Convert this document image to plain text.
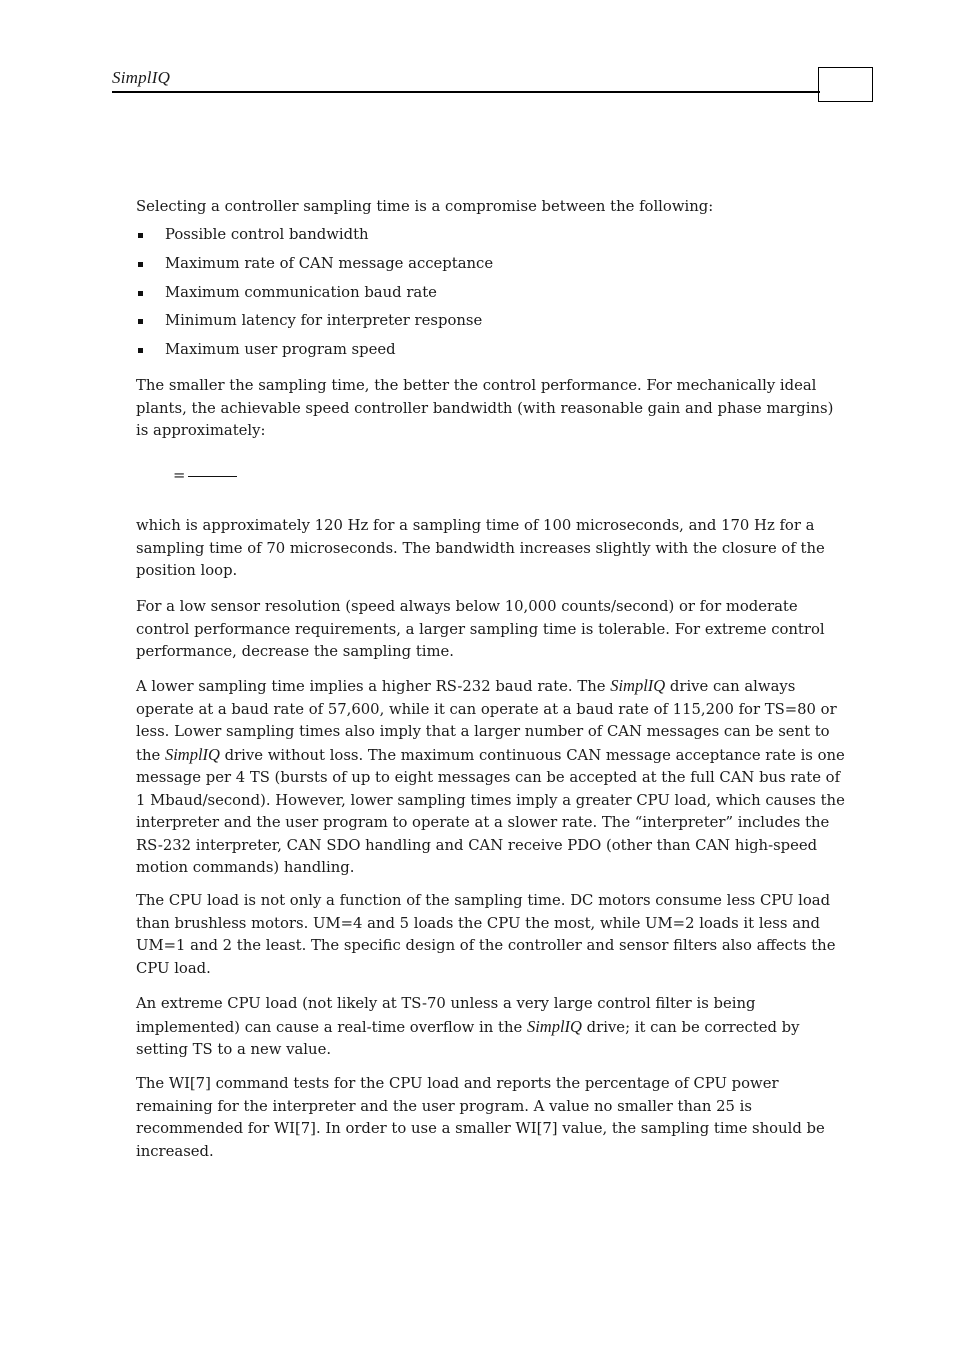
SimplIQ

Selecting a controller sampling time is a compromise between the following:

Possible control bandwidth
Maximum rate of CAN message acceptance
Maximum communication baud rate
Minimum latency for interpreter response
Maximum user program speed

The smaller the sampling time, the better the control performance. For mechanically ideal plants, the achievable speed controller bandwidth (with reasonable gain and phase margins) is approximately:

=

which is approximately 120 Hz for a sampling time of 100 microseconds, and 170 Hz for a sampling time of 70 microseconds. The bandwidth increases slightly with the closure of the position loop.

For a low sensor resolution (speed always below 10,000 counts/second) or for moderate control performance requirements, a larger sampling time is tolerable. For extreme control performance, decrease the sampling time.

A lower sampling time implies a higher RS-232 baud rate. The SimplIQ drive can always operate at a baud rate of 57,600, while it can operate at a baud rate of 115,200 for TS=80 or less. Lower sampling times also imply that a larger number of CAN messages can be sent to the SimplIQ drive without loss. The maximum continuous CAN message acceptance rate is one message per 4 TS (bursts of up to eight messages can be accepted at the full CAN bus rate of 1 Mbaud/second). However, lower sampling times imply a greater CPU load, which causes the interpreter and the user program to operate at a slower rate. The “interpreter” includes the RS-232 interpreter, CAN SDO handling and CAN receive PDO (other than CAN high-speed motion commands) handling.

The CPU load is not only a function of the sampling time. DC motors consume less CPU load than brushless motors. UM=4 and 5 loads the CPU the most, while UM=2 loads it less and UM=1 and 2 the least. The specific design of the controller and sensor filters also affects the CPU load.

An extreme CPU load (not likely at TS-70 unless a very large control filter is being implemented) can cause a real-time overflow in the SimplIQ drive; it can be corrected by setting TS to a new value.

The WI[7] command tests for the CPU load and reports the percentage of CPU power remaining for the interpreter and the user program. A value no smaller than 25 is recommended for WI[7]. In order to use a smaller WI[7] value, the sampling time should be increased.
